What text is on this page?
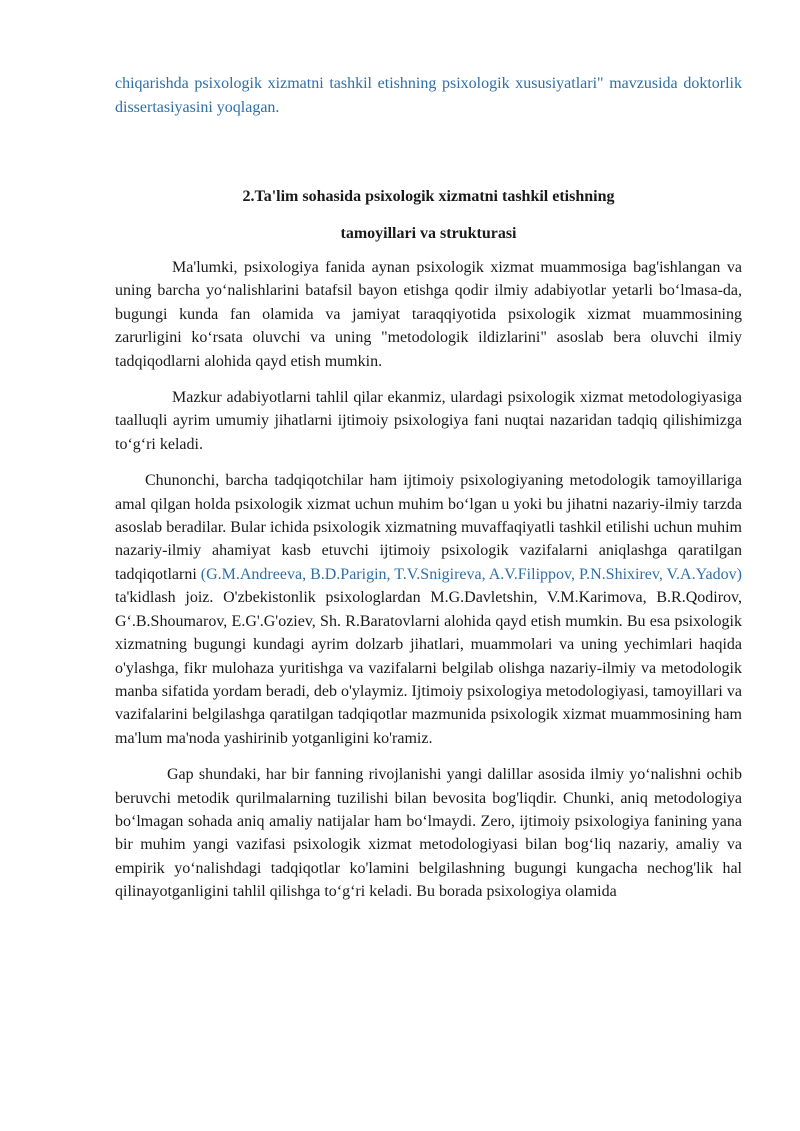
chiqarishda psixologik xizmatni tashkil etishning psixologik xususiyatlari" mavzusida doktorlik dissertasiyasini yoqlagan.

2.Ta'lim sohasida psixologik xizmatni tashkil etishning
tamoyillari va strukturasi

Ma'lumki, psixologiya fanida aynan psixologik xizmat muammosiga bag'ishlangan va uning barcha yo‘nalishlarini batafsil bayon etishga qodir ilmiy adabiyotlar yetarli bo‘lmasa-da, bugungi kunda fan olamida va jamiyat taraqqiyotida psixologik xizmat muammosining zarurligini ko‘rsata oluvchi va uning "metodologik ildizlarini" asoslab bera oluvchi ilmiy tadqiqodlarni alohida qayd etish mumkin.

Mazkur adabiyotlarni tahlil qilar ekanmiz, ulardagi psixologik xizmat metodologiyasiga taalluqli ayrim umumiy jihatlarni ijtimoiy psixologiya fani nuqtai nazaridan tadqiq qilishimizga to‘g‘ri keladi.

Chunonchi, barcha tadqiqotchilar ham ijtimoiy psixologiyaning metodologik tamoyillariga amal qilgan holda psixologik xizmat uchun muhim bo‘lgan u yoki bu jihatni nazariy-ilmiy tarzda asoslab beradilar. Bular ichida psixologik xizmatning muvaffaqiyatli tashkil etilishi uchun muhim nazariy-ilmiy ahamiyat kasb etuvchi ijtimoiy psixologik vazifalarni aniqlashga qaratilgan tadqiqotlarni (G.M.Andreeva, B.D.Parigin, T.V.Snigireva, A.V.Filippov, P.N.Shixirev, V.A.Yadov) ta'kidlash joiz. O'zbekistonlik psixologlardan M.G.Davletshin, V.M.Karimova, B.R.Qodirov, G‘.B.Shoumarov, E.G'.G'oziev, Sh. R.Baratovlarni alohida qayd etish mumkin. Bu esa psixologik xizmatning bugungi kundagi ayrim dolzarb jihatlari, muammolari va uning yechimlari haqida o'ylashga, fikr mulohaza yuritishga va vazifalarni belgilab olishga nazariy-ilmiy va metodologik manba sifatida yordam beradi, deb o'ylaymiz. Ijtimoiy psixologiya metodologiyasi, tamoyillari va vazifalarini belgilashga qaratilgan tadqiqotlar mazmunida psixologik xizmat muammosining ham ma'lum ma'noda yashirinib yotganligini ko'ramiz.

Gap shundaki, har bir fanning rivojlanishi yangi dalillar asosida ilmiy yo‘nalishni ochib beruvchi metodik qurilmalarning tuzilishi bilan bevosita bog'liqdir. Chunki, aniq metodologiya bo‘lmagan sohada aniq amaliy natijalar ham bo‘lmaydi. Zero, ijtimoiy psixologiya fanining yana bir muhim yangi vazifasi psixologik xizmat metodologiyasi bilan bog‘liq nazariy, amaliy va empirik yo‘nalishdagi tadqiqotlar ko'lamini belgilashning bugungi kungacha nechog'lik hal qilinayotganligini tahlil qilishga to‘g‘ri keladi. Bu borada psixologiya olamida
